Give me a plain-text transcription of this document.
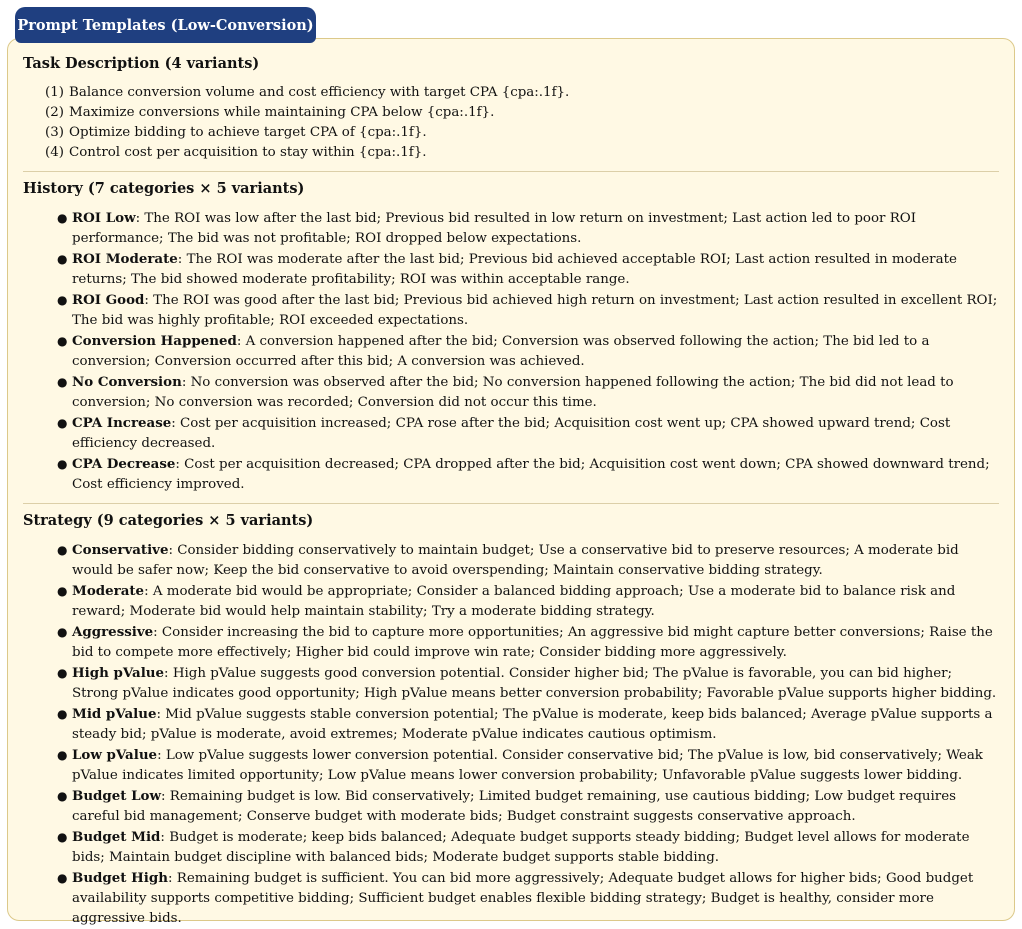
Prompt Templates (Low-Conversion)
Task Description (4 variants)
(1) Balance conversion volume and cost efficiency with target CPA {cpa:.1f}.
(2) Maximize conversions while maintaining CPA below {cpa:.1f}.
(3) Optimize bidding to achieve target CPA of {cpa:.1f}.
(4) Control cost per acquisition to stay within {cpa:.1f}.
History (7 categories × 5 variants)
● ROI Low: The ROI was low after the last bid; Previous bid resulted in low return on investment; Last action led to poor ROI performance; The bid was not profitable; ROI dropped below expectations.
● ROI Moderate: The ROI was moderate after the last bid; Previous bid achieved acceptable ROI; Last action resulted in moderate returns; The bid showed moderate profitability; ROI was within acceptable range.
● ROI Good: The ROI was good after the last bid; Previous bid achieved high return on investment; Last action resulted in excellent ROI; The bid was highly profitable; ROI exceeded expectations.
● Conversion Happened: A conversion happened after the bid; Conversion was observed following the action; The bid led to a conversion; Conversion occurred after this bid; A conversion was achieved.
● No Conversion: No conversion was observed after the bid; No conversion happened following the action; The bid did not lead to conversion; No conversion was recorded; Conversion did not occur this time.
● CPA Increase: Cost per acquisition increased; CPA rose after the bid; Acquisition cost went up; CPA showed upward trend; Cost efficiency decreased.
● CPA Decrease: Cost per acquisition decreased; CPA dropped after the bid; Acquisition cost went down; CPA showed downward trend; Cost efficiency improved.
Strategy (9 categories × 5 variants)
● Conservative: Consider bidding conservatively to maintain budget; Use a conservative bid to preserve resources; A moderate bid would be safer now; Keep the bid conservative to avoid overspending; Maintain conservative bidding strategy.
● Moderate: A moderate bid would be appropriate; Consider a balanced bidding approach; Use a moderate bid to balance risk and reward; Moderate bid would help maintain stability; Try a moderate bidding strategy.
● Aggressive: Consider increasing the bid to capture more opportunities; An aggressive bid might capture better conversions; Raise the bid to compete more effectively; Higher bid could improve win rate; Consider bidding more aggressively.
● High pValue: High pValue suggests good conversion potential. Consider higher bid; The pValue is favorable, you can bid higher; Strong pValue indicates good opportunity; High pValue means better conversion probability; Favorable pValue supports higher bidding.
● Mid pValue: Mid pValue suggests stable conversion potential; The pValue is moderate, keep bids balanced; Average pValue supports a steady bid; pValue is moderate, avoid extremes; Moderate pValue indicates cautious optimism.
● Low pValue: Low pValue suggests lower conversion potential. Consider conservative bid; The pValue is low, bid conservatively; Weak pValue indicates limited opportunity; Low pValue means lower conversion probability; Unfavorable pValue suggests lower bidding.
● Budget Low: Remaining budget is low. Bid conservatively; Limited budget remaining, use cautious bidding; Low budget requires careful bid management; Conserve budget with moderate bids; Budget constraint suggests conservative approach.
● Budget Mid: Budget is moderate; keep bids balanced; Adequate budget supports steady bidding; Budget level allows for moderate bids; Maintain budget discipline with balanced bids; Moderate budget supports stable bidding.
● Budget High: Remaining budget is sufficient. You can bid more aggressively; Adequate budget allows for higher bids; Good budget availability supports competitive bidding; Sufficient budget enables flexible bidding strategy; Budget is healthy, consider more aggressive bids.
